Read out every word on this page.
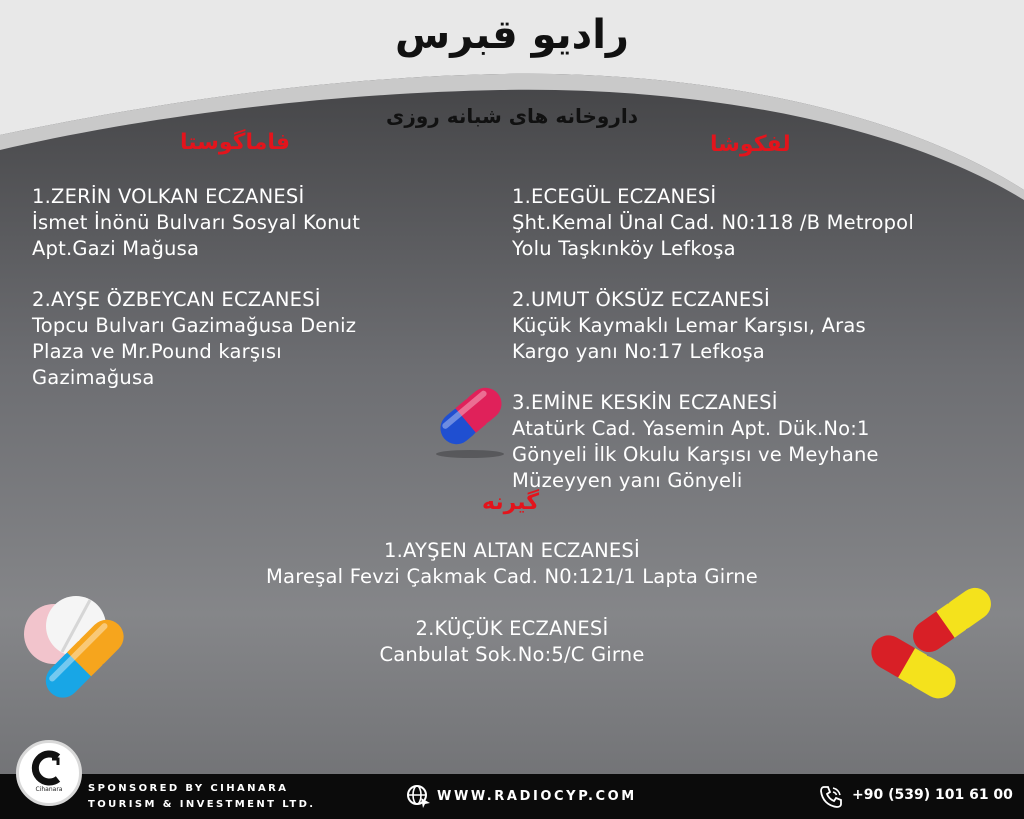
رادیو قبرس
داروخانه های شبانه روزی
فاماگوستا	لفکوشا
گیرنه
1.ZERİN VOLKAN ECZANESİ
İsmet İnönü Bulvarı Sosyal Konut
Apt.Gazi Mağusa
2.AYŞE ÖZBEYCAN ECZANESİ
Topcu Bulvarı Gazimağusa Deniz
Plaza ve Mr.Pound karşısı
Gazimağusa
1.ECEGÜL ECZANESİ
Şht.Kemal Ünal Cad. N0:118 /B Metropol
Yolu Taşkınköy Lefkoşa
2.UMUT ÖKSÜZ ECZANESİ
Küçük Kaymaklı Lemar Karşısı, Aras
Kargo yanı No:17 Lefkoşa
3.EMİNE KESKİN ECZANESİ
Atatürk Cad. Yasemin Apt. Dük.No:1
Gönyeli İlk Okulu Karşısı ve Meyhane
Müzeyyen yanı Gönyeli
1.AYŞEN ALTAN ECZANESİ
Mareşal Fevzi Çakmak Cad. N0:121/1 Lapta Girne
2.KÜÇÜK ECZANESİ
Canbulat Sok.No:5/C Girne
Cihanara	SPONSORED BY CIHANARA
TOURISM & INVESTMENT LTD.
WWW.RADIOCYP.COM	+90 (539) 101 61 00
